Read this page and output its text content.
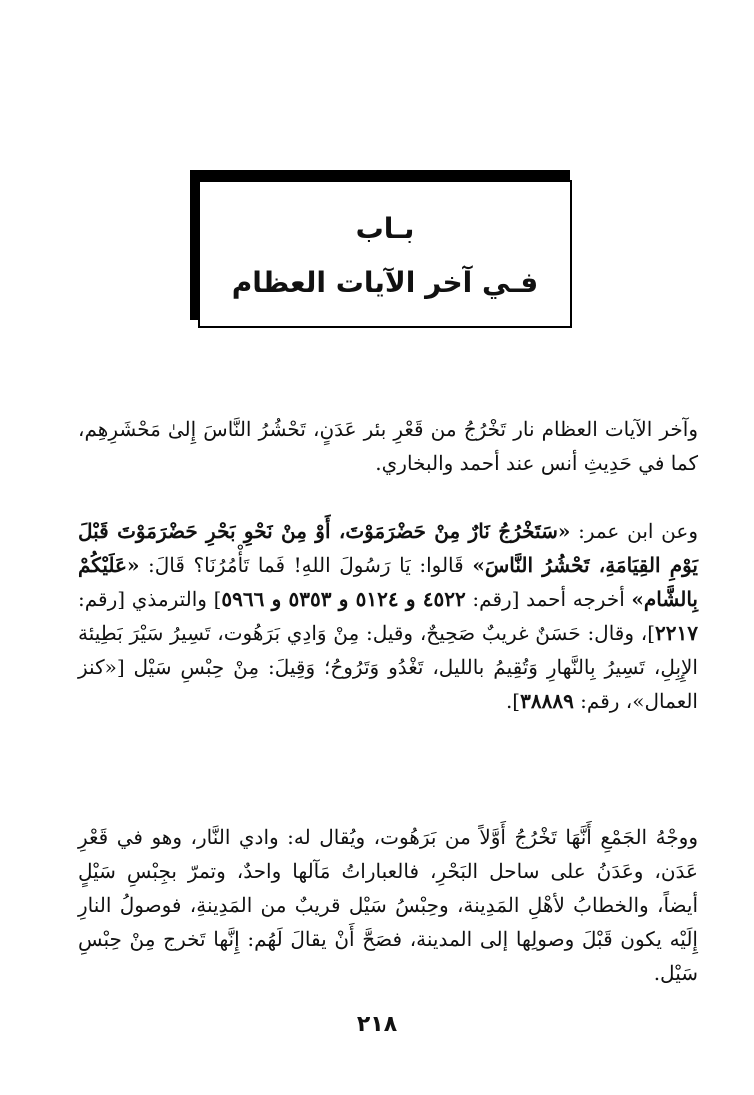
بـاب
فـي آخر الآيات العظام

وآخر الآيات العظام نار تَخْرُجُ من قَعْرِ بئر عَدَنٍ، تَحْشُرُ النَّاسَ إِلىٰ مَحْشَرِهِم، كما في حَدِيثِ أنس عند أحمد والبخاري.

وعن ابن عمر: «سَتَخْرُجُ نَارٌ مِنْ حَضْرَمَوْتَ، أَوْ مِنْ نَحْوِ بَحْرِ حَضْرَمَوْتَ قَبْلَ يَوْمِ القِيَامَةِ، تَحْشُرُ النَّاسَ» قَالوا: يَا رَسُولَ اللهِ! فَما تَأْمُرُنَا؟ قَالَ: «عَلَيْكُمْ بِالشَّام» أخرجه أحمد [رقم: ٤٥٢٢ و ٥١٢٤ و ٥٣٥٣ و ٥٩٦٦] والترمذي [رقم: ٢٢١٧]، وقال: حَسَنٌ غريبٌ صَحِيحٌ، وقيل: مِنْ وَادِي بَرَهُوت، تَسِيرُ سَيْرَ بَطِيئة الإِبِلِ، تَسِيرُ بِالنَّهارِ وَتُقِيمُ بالليل، تَغْدُو وَتَرُوحُ؛ وَقِيلَ: مِنْ حِبْسِ سَيْل [«كنز العمال»، رقم: ٣٨٨٨٩].

ووجْهُ الجَمْعِ أَنَّهَا تَخْرُجُ أَوَّلاً من بَرَهُوت، ويُقال له: وادي النَّار، وهو في قَعْرِ عَدَن، وعَدَنُ على ساحل البَحْرِ، فالعباراتُ مَآلها واحدٌ، وتمرّ بجِبْسِ سَيْلٍ أيضاً، والخطابُ لأهْلِ المَدِينة، وحِبْسُ سَيْل قريبٌ من المَدِينةِ، فوصولُ النارِ إِلَيْه يكون قَبْلَ وصولِها إلى المدينة، فصَحَّ أَنْ يقالَ لَهُم: إِنَّها تَخرج مِنْ حِبْسِ سَيْل.

٢١٨
